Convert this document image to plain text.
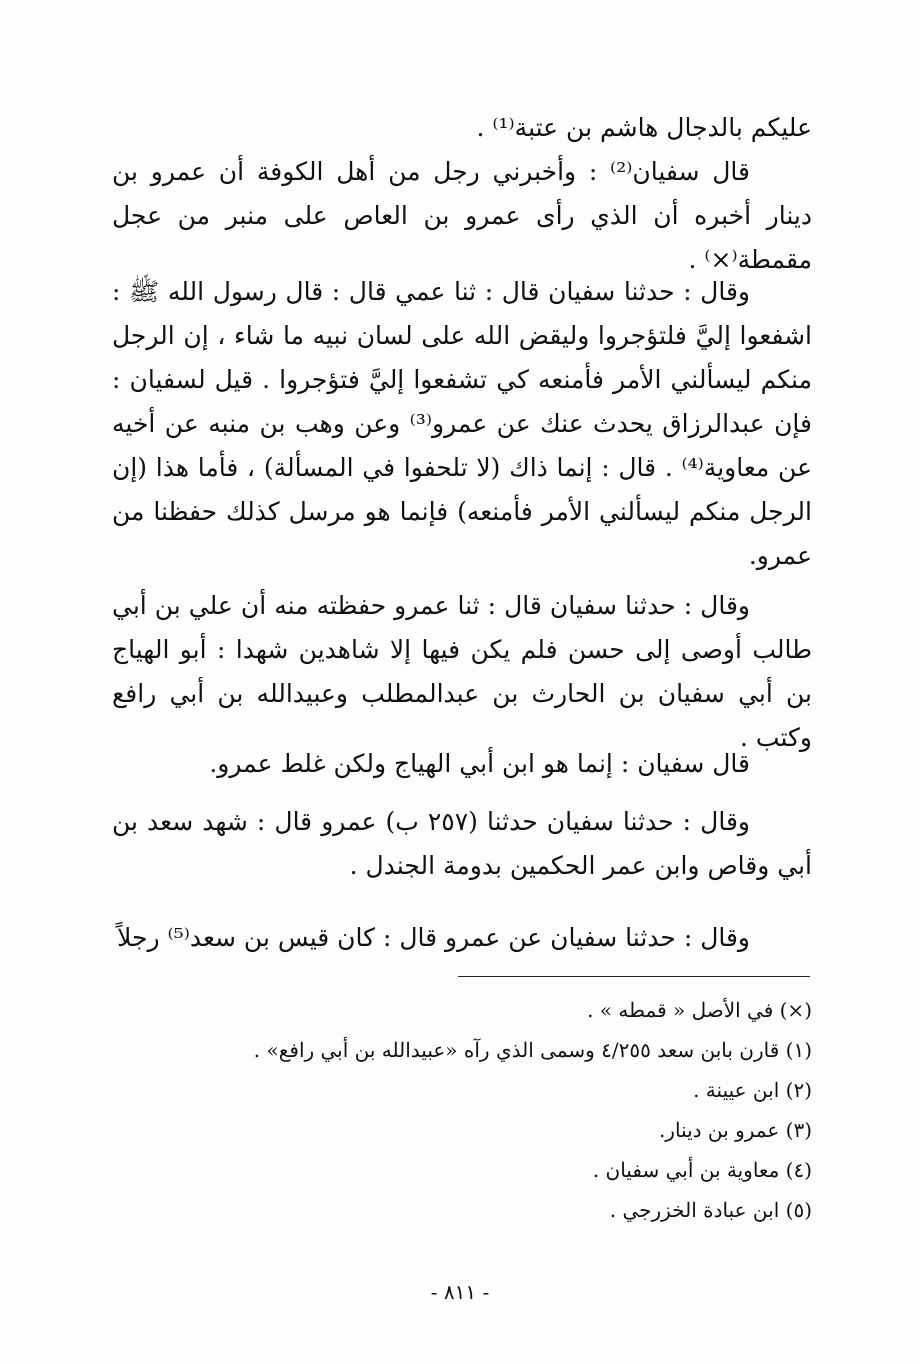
عليكم بالدجال هاشم بن عتبة⁽¹⁾ .

قال سفيان⁽²⁾ : وأخبرني رجل من أهل الكوفة أن عمرو بن دينار أخبره أن الذي رأى عمرو بن العاص على منبر من عجل مقمطة⁽×⁾ .

وقال : حدثنا سفيان قال : ثنا عمي قال : قال رسول الله ﷺ : اشفعوا إليَّ فلتؤجروا وليقض الله على لسان نبيه ما شاء ، إن الرجل منكم ليسألني الأمر فأمنعه كي تشفعوا إليَّ فتؤجروا . قيل لسفيان : فإن عبدالرزاق يحدث عنك عن عمرو⁽³⁾ وعن وهب بن منبه عن أخيه عن معاوية⁽⁴⁾ . قال : إنما ذاك (لا تلحفوا في المسألة) ، فأما هذا (إن الرجل منكم ليسألني الأمر فأمنعه) فإنما هو مرسل كذلك حفظنا من عمرو.

وقال : حدثنا سفيان قال : ثنا عمرو حفظته منه أن علي بن أبي طالب أوصى إلى حسن فلم يكن فيها إلا شاهدين شهدا : أبو الهياج بن أبي سفيان بن الحارث بن عبدالمطلب وعبيدالله بن أبي رافع وكتب .

قال سفيان : إنما هو ابن أبي الهياج ولكن غلط عمرو.

وقال : حدثنا سفيان حدثنا (٢٥٧ ب) عمرو قال : شهد سعد بن أبي وقاص وابن عمر الحكمين بدومة الجندل .

وقال : حدثنا سفيان عن عمرو قال : كان قيس بن سعد⁽⁵⁾ رجلاً

(×) في الأصل « قمطه » .

(١) قارن بابن سعد ٤/٢٥٥ وسمى الذي رآه «عبيدالله بن أبي رافع» .

(٢) ابن عيينة .

(٣) عمرو بن دينار.

(٤) معاوية بن أبي سفيان .

(٥) ابن عبادة الخزرجي .

- ٨١١ -
